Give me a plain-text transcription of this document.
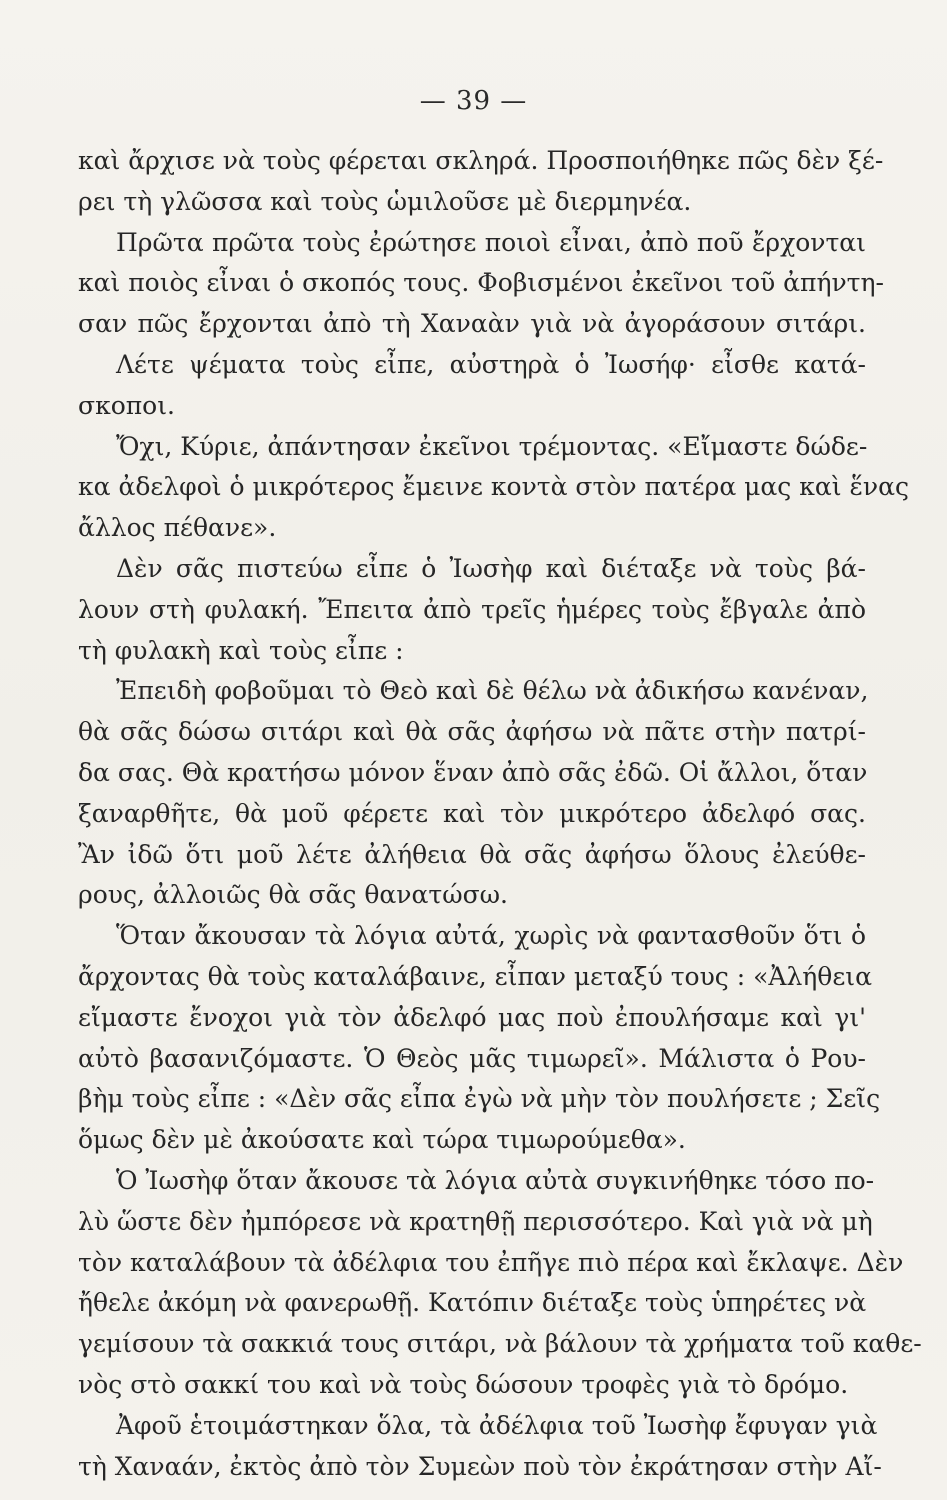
— 39 —
καὶ ἄρχισε νὰ τοὺς φέρεται σκληρά. Προσποιήθηκε πῶς δὲν ξέ-
ρει τὴ γλῶσσα καὶ τοὺς ὡμιλοῦσε μὲ διερμηνέα.
Πρῶτα πρῶτα τοὺς ἐρώτησε ποιοὶ εἶναι, ἀπὸ ποῦ ἔρχονται
καὶ ποιὸς εἶναι ὁ σκοπός τους. Φοβισμένοι ἐκεῖνοι τοῦ ἀπήντη-
σαν πῶς ἔρχονται ἀπὸ τὴ Χαναὰν γιὰ νὰ ἀγοράσουν σιτάρι.
Λέτε ψέματα τοὺς εἶπε, αὐστηρὰ ὁ Ἰωσήφ· εἶσθε κατά-
σκοποι.
Ὄχι, Κύριε, ἀπάντησαν ἐκεῖνοι τρέμοντας. «Εἴμαστε δώδε-
κα ἀδελφοὶ ὁ μικρότερος ἔμεινε κοντὰ στὸν πατέρα μας καὶ ἕνας
ἄλλος πέθανε».
Δὲν σᾶς πιστεύω εἶπε ὁ Ἰωσὴφ καὶ διέταξε νὰ τοὺς βά-
λουν στὴ φυλακή. Ἔπειτα ἀπὸ τρεῖς ἡμέρες τοὺς ἔβγαλε ἀπὸ
τὴ φυλακὴ καὶ τοὺς εἶπε :
Ἐπειδὴ φοβοῦμαι τὸ Θεὸ καὶ δὲ θέλω νὰ ἀδικήσω κανέναν,
θὰ σᾶς δώσω σιτάρι καὶ θὰ σᾶς ἀφήσω νὰ πᾶτε στὴν πατρί-
δα σας. Θὰ κρατήσω μόνον ἕναν ἀπὸ σᾶς ἐδῶ. Οἱ ἄλλοι, ὅταν
ξαναρθῆτε, θὰ μοῦ φέρετε καὶ τὸν μικρότερο ἀδελφό σας.
Ἂν ἰδῶ ὅτι μοῦ λέτε ἀλήθεια θὰ σᾶς ἀφήσω ὅλους ἐλεύθε-
ρους, ἀλλοιῶς θὰ σᾶς θανατώσω.
Ὅταν ἄκουσαν τὰ λόγια αὐτά, χωρὶς νὰ φαντασθοῦν ὅτι ὁ
ἄρχοντας θὰ τοὺς καταλάβαινε, εἶπαν μεταξύ τους : «Ἀλήθεια
εἴμαστε ἔνοχοι γιὰ τὸν ἀδελφό μας ποὺ ἐπουλήσαμε καὶ γι'
αὐτὸ βασανιζόμαστε. Ὁ Θεὸς μᾶς τιμωρεῖ». Μάλιστα ὁ Ρου-
βὴμ τοὺς εἶπε : «Δὲν σᾶς εἶπα ἐγὼ νὰ μὴν τὸν πουλήσετε ; Σεῖς
ὅμως δὲν μὲ ἀκούσατε καὶ τώρα τιμωρούμεθα».
Ὁ Ἰωσὴφ ὅταν ἄκουσε τὰ λόγια αὐτὰ συγκινήθηκε τόσο πο-
λὺ ὥστε δὲν ἠμπόρεσε νὰ κρατηθῇ περισσότερο. Καὶ γιὰ νὰ μὴ
τὸν καταλάβουν τὰ ἀδέλφια του ἐπῆγε πιὸ πέρα καὶ ἔκλαψε. Δὲν
ἤθελε ἀκόμη νὰ φανερωθῇ. Κατόπιν διέταξε τοὺς ὑπηρέτες νὰ
γεμίσουν τὰ σακκιά τους σιτάρι, νὰ βάλουν τὰ χρήματα τοῦ καθε-
νὸς στὸ σακκί του καὶ νὰ τοὺς δώσουν τροφὲς γιὰ τὸ δρόμο.
Ἀφοῦ ἑτοιμάστηκαν ὅλα, τὰ ἀδέλφια τοῦ Ἰωσὴφ ἔφυγαν γιὰ
τὴ Χαναάν, ἐκτὸς ἀπὸ τὸν Συμεὼν ποὺ τὸν ἐκράτησαν στὴν Αἴ-
